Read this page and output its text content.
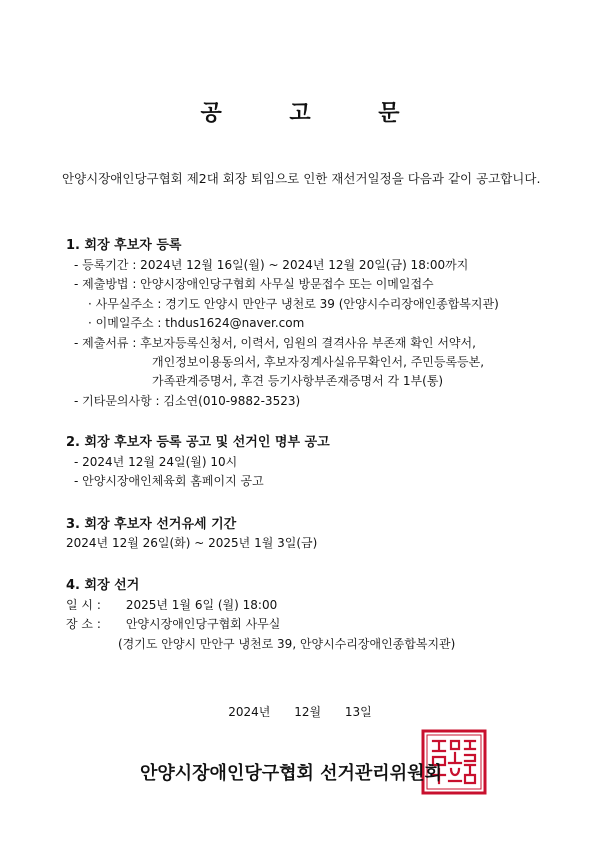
공 고 문
안양시장애인당구협회 제2대 회장 퇴임으로 인한 재선거일정을 다음과 같이 공고합니다.
1. 회장 후보자 등록
- 등록기간 : 2024년 12월 16일(월) ~ 2024년 12월 20일(금) 18:00까지
- 제출방법 : 안양시장애인당구협회 사무실 방문접수 또는 이메일접수
· 사무실주소 : 경기도 안양시 만안구 냉천로 39 (안양시수리장애인종합복지관)
· 이메일주소 : thdus1624@naver.com
- 제출서류 : 후보자등록신청서, 이력서, 임원의 결격사유 부존재 확인 서약서,
개인정보이용동의서, 후보자징계사실유무확인서, 주민등록등본,
가족관계증명서, 후견 등기사항부존재증명서 각 1부(통)
- 기타문의사항 : 김소연(010-9882-3523)
2. 회장 후보자 등록 공고 및 선거인 명부 공고
- 2024년 12월 24일(월) 10시
- 안양시장애인체육회 홈페이지 공고
3. 회장 후보자 선거유세 기간
2024년 12월 26일(화) ~ 2025년 1월 3일(금)
4. 회장 선거
일 시 : 2025년 1월 6일 (월) 18:00
장 소 : 안양시장애인당구협회 사무실
(경기도 안양시 만안구 냉천로 39, 안양시수리장애인종합복지관)
2024년 12월 13일
안양시장애인당구협회 선거관리위원회
